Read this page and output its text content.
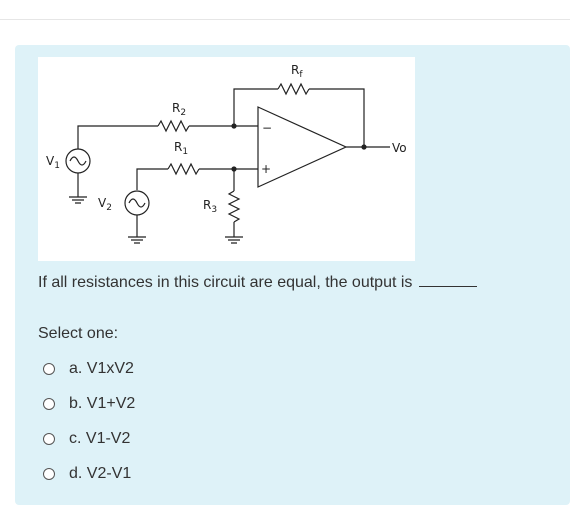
$R_f$
−
+
Vo
$R_2$
$V_1$
$R_1$
$V_2$	$R_3$
If all resistances in this circuit are equal, the output is
Select one:
a. V1xV2
b. V1+V2
c. V1-V2
d. V2-V1
